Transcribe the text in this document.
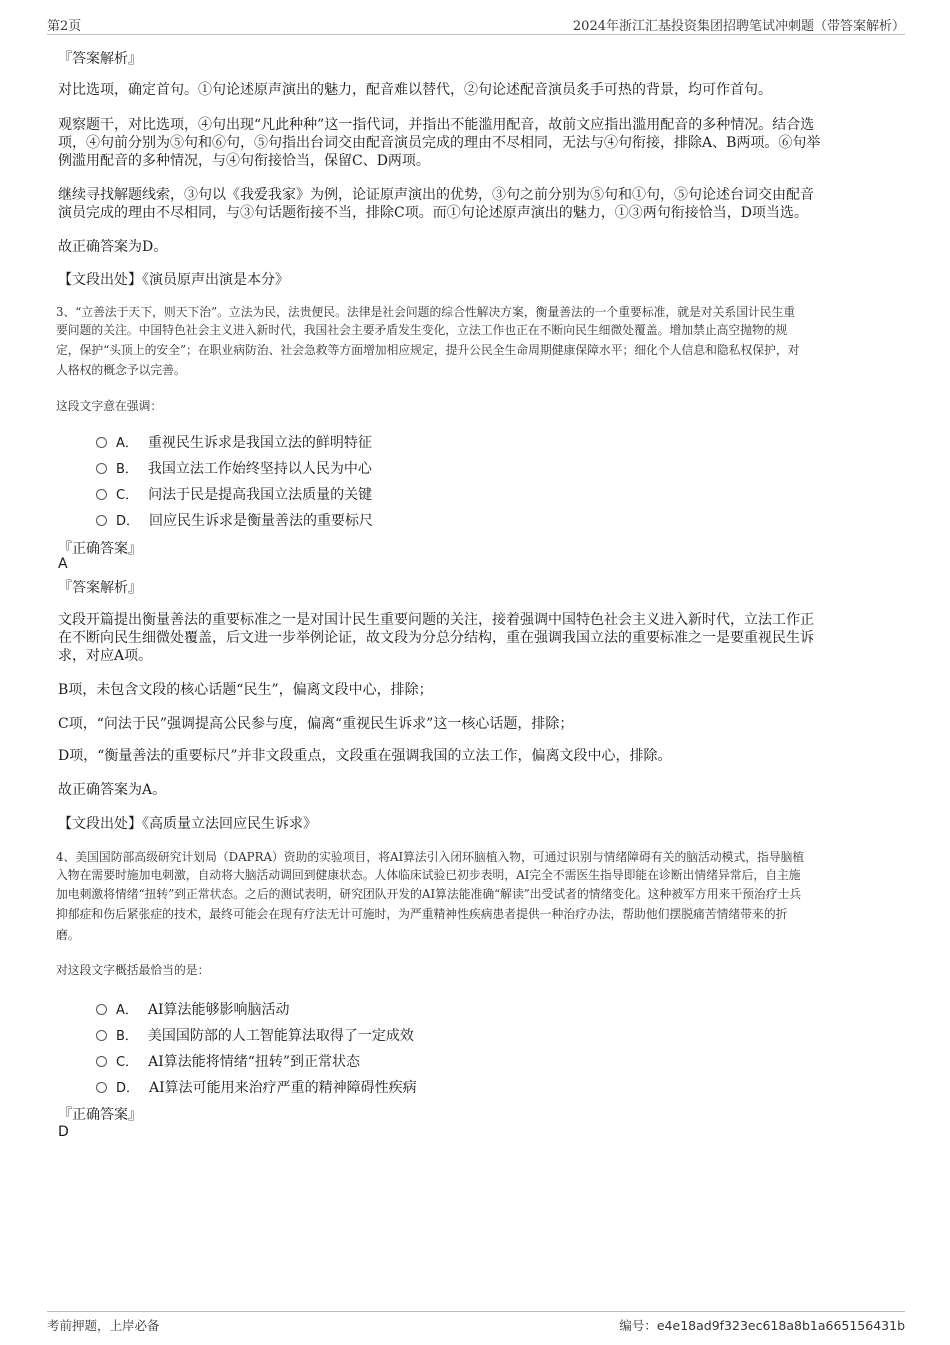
第2页	2024年浙江汇基投资集团招聘笔试冲刺题（带答案解析）
『答案解析』
对比选项，确定首句。①句论述原声演出的魅力，配音难以替代，②句论述配音演员炙手可热的背景，均可作首句。
观察题干，对比选项，④句出现“凡此种种”这一指代词，并指出不能滥用配音，故前文应指出滥用配音的多种情况。结合选
项，④句前分别为⑤句和⑥句，⑤句指出台词交由配音演员完成的理由不尽相同，无法与④句衔接，排除A、B两项。⑥句举
例滥用配音的多种情况，与④句衔接恰当，保留C、D两项。
继续寻找解题线索，③句以《我爱我家》为例，论证原声演出的优势，③句之前分别为⑤句和①句，⑤句论述台词交由配音
演员完成的理由不尽相同，与③句话题衔接不当，排除C项。而①句论述原声演出的魅力，①③两句衔接恰当，D项当选。
故正确答案为D。
【文段出处】《演员原声出演是本分》
3、“立善法于天下，则天下治”。立法为民，法贵便民。法律是社会问题的综合性解决方案，衡量善法的一个重要标准，就是对关系国计民生重
要问题的关注。中国特色社会主义进入新时代，我国社会主要矛盾发生变化，立法工作也正在不断向民生细微处覆盖。增加禁止高空抛物的规
定，保护“头顶上的安全”；在职业病防治、社会急救等方面增加相应规定，提升公民全生命周期健康保障水平；细化个人信息和隐私权保护，对
人格权的概念予以完善。
这段文字意在强调：
A． 重视民生诉求是我国立法的鲜明特征
B． 我国立法工作始终坚持以人民为中心
C． 问法于民是提高我国立法质量的关键
D． 回应民生诉求是衡量善法的重要标尺
『正确答案』
A
『答案解析』
文段开篇提出衡量善法的重要标准之一是对国计民生重要问题的关注，接着强调中国特色社会主义进入新时代，立法工作正
在不断向民生细微处覆盖，后文进一步举例论证，故文段为分总分结构，重在强调我国立法的重要标准之一是要重视民生诉
求，对应A项。
B项，未包含文段的核心话题“民生”，偏离文段中心，排除；
C项，“问法于民”强调提高公民参与度，偏离“重视民生诉求”这一核心话题，排除；
D项，“衡量善法的重要标尺”并非文段重点，文段重在强调我国的立法工作，偏离文段中心，排除。
故正确答案为A。
【文段出处】《高质量立法回应民生诉求》
4、美国国防部高级研究计划局（DAPRA）资助的实验项目，将AI算法引入闭环脑植入物，可通过识别与情绪障碍有关的脑活动模式，指导脑植
入物在需要时施加电刺激，自动将大脑活动调回到健康状态。人体临床试验已初步表明，AI完全不需医生指导即能在诊断出情绪异常后，自主施
加电刺激将情绪“扭转”到正常状态。之后的测试表明，研究团队开发的AI算法能准确“解读”出受试者的情绪变化。这种被军方用来干预治疗士兵
抑郁症和伤后紧张症的技术，最终可能会在现有疗法无计可施时，为严重精神性疾病患者提供一种治疗办法，帮助他们摆脱痛苦情绪带来的折
磨。
对这段文字概括最恰当的是：
A． AI算法能够影响脑活动
B． 美国国防部的人工智能算法取得了一定成效
C． AI算法能将情绪“扭转”到正常状态
D． AI算法可能用来治疗严重的精神障碍性疾病
『正确答案』
D
考前押题，上岸必备	编号：e4e18ad9f323ec618a8b1a665156431b
